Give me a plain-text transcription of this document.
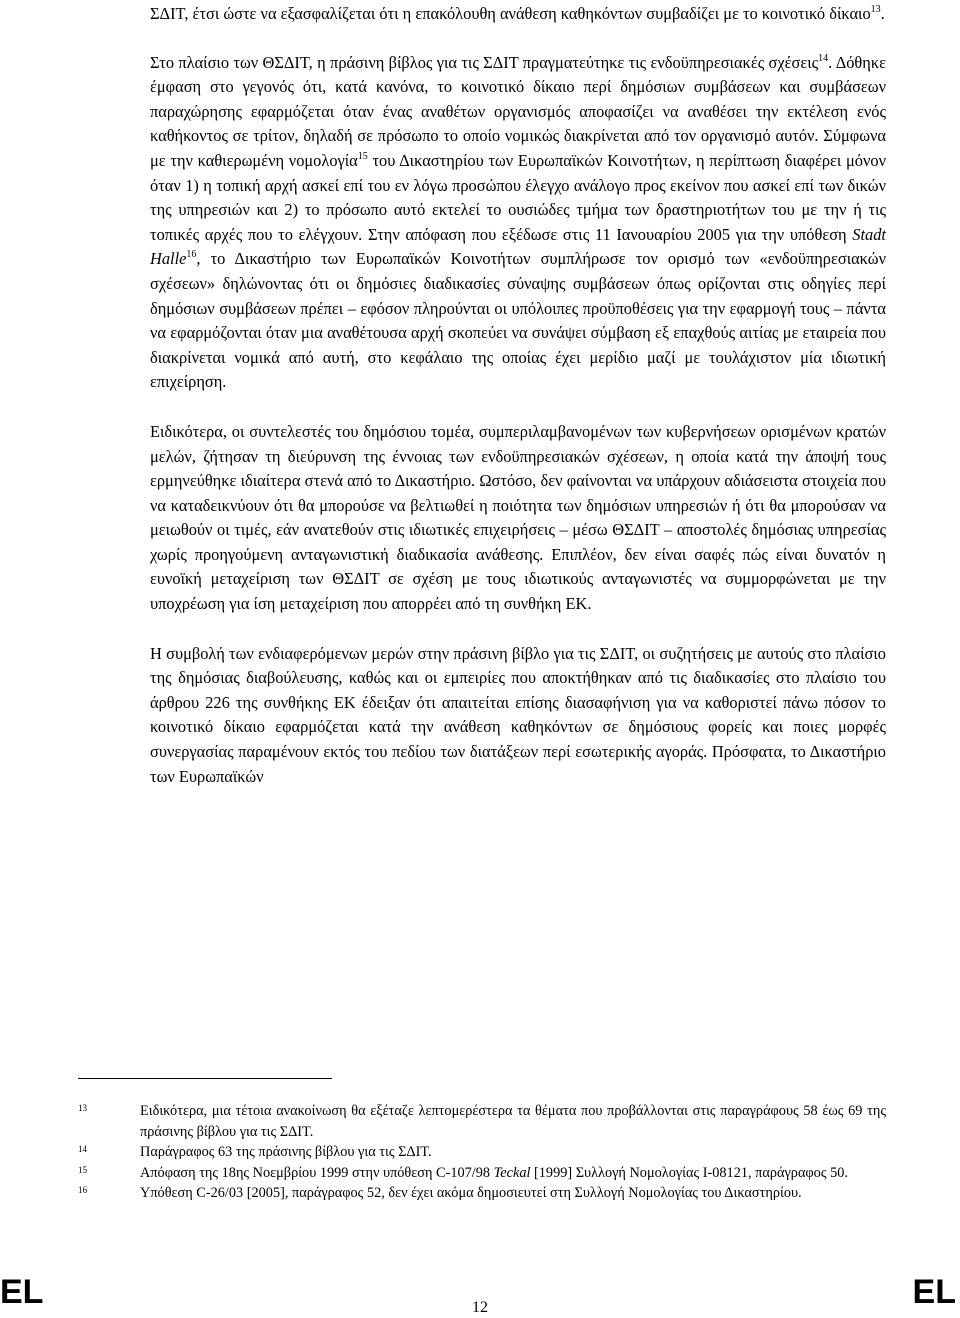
ΣΔΙΤ, έτσι ώστε να εξασφαλίζεται ότι η επακόλουθη ανάθεση καθηκόντων συμβαδίζει με το κοινοτικό δίκαιο$^{13}$.

Στο πλαίσιο των ΘΣΔΙΤ, η πράσινη βίβλος για τις ΣΔΙΤ πραγματεύτηκε τις ενδοϋπηρεσιακές σχέσεις$^{14}$. Δόθηκε έμφαση στο γεγονός ότι, κατά κανόνα, το κοινοτικό δίκαιο περί δημόσιων συμβάσεων και συμβάσεων παραχώρησης εφαρμόζεται όταν ένας αναθέτων οργανισμός αποφασίζει να αναθέσει την εκτέλεση ενός καθήκοντος σε τρίτον, δηλαδή σε πρόσωπο το οποίο νομικώς διακρίνεται από τον οργανισμό αυτόν. Σύμφωνα με την καθιερωμένη νομολογία$^{15}$ του Δικαστηρίου των Ευρωπαϊκών Κοινοτήτων, η περίπτωση διαφέρει μόνον όταν 1) η τοπική αρχή ασκεί επί του εν λόγω προσώπου έλεγχο ανάλογο προς εκείνον που ασκεί επί των δικών της υπηρεσιών και 2) το πρόσωπο αυτό εκτελεί το ουσιώδες τμήμα των δραστηριοτήτων του με την ή τις τοπικές αρχές που το ελέγχουν. Στην απόφαση που εξέδωσε στις 11 Ιανουαρίου 2005 για την υπόθεση Stadt Halle$^{16}$, το Δικαστήριο των Ευρωπαϊκών Κοινοτήτων συμπλήρωσε τον ορισμό των «ενδοϋπηρεσιακών σχέσεων» δηλώνοντας ότι οι δημόσιες διαδικασίες σύναψης συμβάσεων όπως ορίζονται στις οδηγίες περί δημόσιων συμβάσεων πρέπει – εφόσον πληρούνται οι υπόλοιπες προϋποθέσεις για την εφαρμογή τους – πάντα να εφαρμόζονται όταν μια αναθέτουσα αρχή σκοπεύει να συνάψει σύμβαση εξ επαχθούς αιτίας με εταιρεία που διακρίνεται νομικά από αυτή, στο κεφάλαιο της οποίας έχει μερίδιο μαζί με τουλάχιστον μία ιδιωτική επιχείρηση.

Ειδικότερα, οι συντελεστές του δημόσιου τομέα, συμπεριλαμβανομένων των κυβερνήσεων ορισμένων κρατών μελών, ζήτησαν τη διεύρυνση της έννοιας των ενδοϋπηρεσιακών σχέσεων, η οποία κατά την άποψή τους ερμηνεύθηκε ιδιαίτερα στενά από το Δικαστήριο. Ωστόσο, δεν φαίνονται να υπάρχουν αδιάσειστα στοιχεία που να καταδεικνύουν ότι θα μπορούσε να βελτιωθεί η ποιότητα των δημόσιων υπηρεσιών ή ότι θα μπορούσαν να μειωθούν οι τιμές, εάν ανατεθούν στις ιδιωτικές επιχειρήσεις – μέσω ΘΣΔΙΤ – αποστολές δημόσιας υπηρεσίας χωρίς προηγούμενη ανταγωνιστική διαδικασία ανάθεσης. Επιπλέον, δεν είναι σαφές πώς είναι δυνατόν η ευνοϊκή μεταχείριση των ΘΣΔΙΤ σε σχέση με τους ιδιωτικούς ανταγωνιστές να συμμορφώνεται με την υποχρέωση για ίση μεταχείριση που απορρέει από τη συνθήκη ΕΚ.

Η συμβολή των ενδιαφερόμενων μερών στην πράσινη βίβλο για τις ΣΔΙΤ, οι συζητήσεις με αυτούς στο πλαίσιο της δημόσιας διαβούλευσης, καθώς και οι εμπειρίες που αποκτήθηκαν από τις διαδικασίες στο πλαίσιο του άρθρου 226 της συνθήκης ΕΚ έδειξαν ότι απαιτείται επίσης διασαφήνιση για να καθοριστεί πάνω πόσον το κοινοτικό δίκαιο εφαρμόζεται κατά την ανάθεση καθηκόντων σε δημόσιους φορείς και ποιες μορφές συνεργασίας παραμένουν εκτός του πεδίου των διατάξεων περί εσωτερικής αγοράς. Πρόσφατα, το Δικαστήριο των Ευρωπαϊκών

13	Ειδικότερα, μια τέτοια ανακοίνωση θα εξέταζε λεπτομερέστερα τα θέματα που προβάλλονται στις παραγράφους 58 έως 69 της πράσινης βίβλου για τις ΣΔΙΤ.
14	Παράγραφος 63 της πράσινης βίβλου για τις ΣΔΙΤ.
15	Απόφαση της 18ης Νοεμβρίου 1999 στην υπόθεση C-107/98 Teckal [1999] Συλλογή Νομολογίας I-08121, παράγραφος 50.
16	Υπόθεση C-26/03 [2005], παράγραφος 52, δεν έχει ακόμα δημοσιευτεί στη Συλλογή Νομολογίας του Δικαστηρίου.
EL	12	EL
